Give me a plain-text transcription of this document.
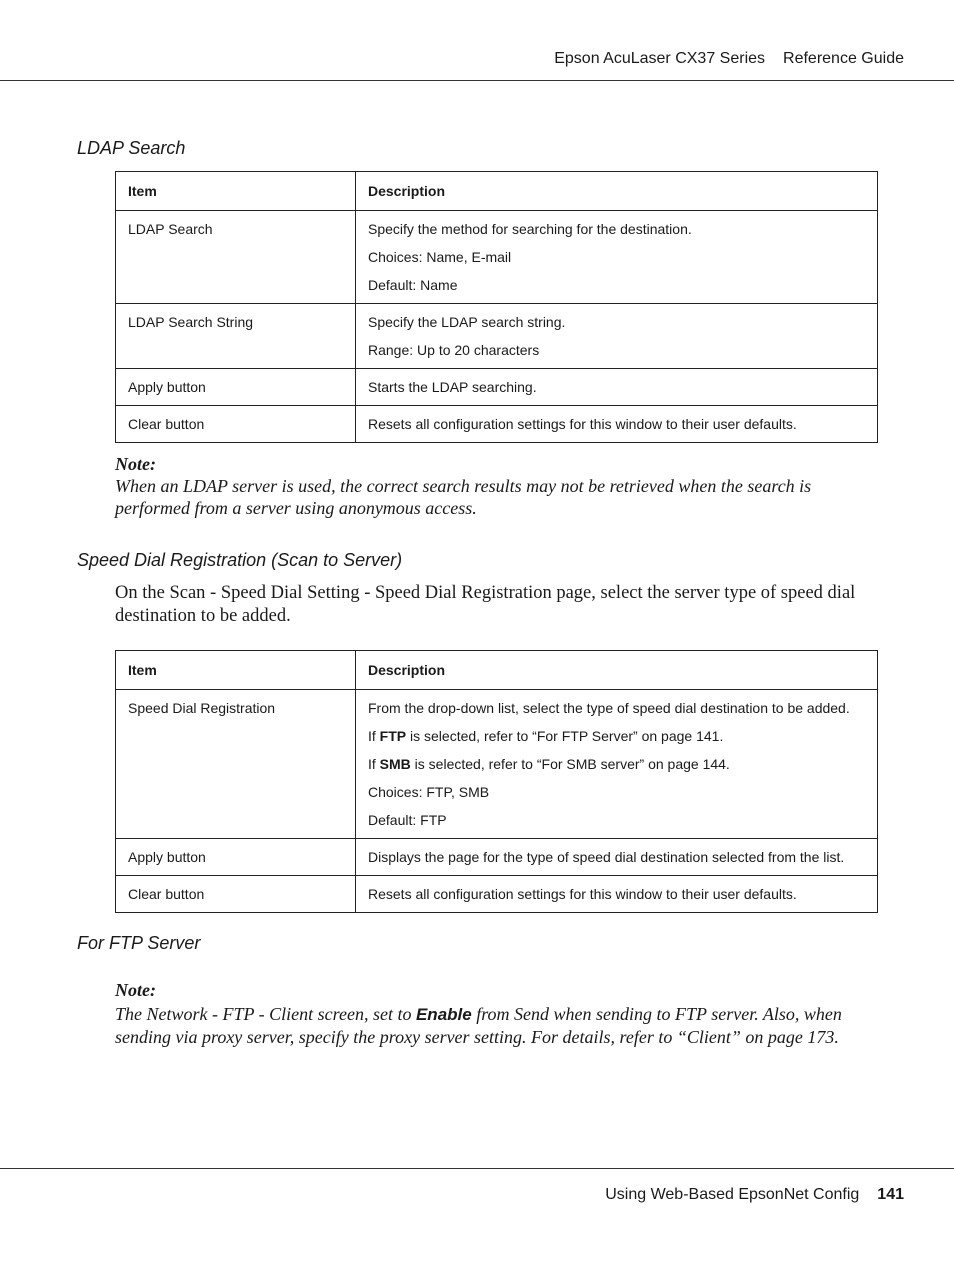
Epson AcuLaser CX37 Series Reference Guide
LDAP Search
Item	Description

LDAP Search	Specify the method for searching for the destination.
Choices: Name, E-mail
Default: Name

LDAP Search String	Specify the LDAP search string.
Range: Up to 20 characters

Apply button	Starts the LDAP searching.

Clear button	Resets all configuration settings for this window to their user defaults.
Note:
When an LDAP server is used, the correct search results may not be retrieved when the search is performed from a server using anonymous access.
Speed Dial Registration (Scan to Server)
On the Scan - Speed Dial Setting - Speed Dial Registration page, select the server type of speed dial destination to be added.
Item	Description

Speed Dial Registration	From the drop-down list, select the type of speed dial destination to be added.
If FTP is selected, refer to “For FTP Server” on page 141.
If SMB is selected, refer to “For SMB server” on page 144.
Choices: FTP, SMB
Default: FTP

Apply button	Displays the page for the type of speed dial destination selected from the list.

Clear button	Resets all configuration settings for this window to their user defaults.
For FTP Server
Note:
The Network - FTP - Client screen, set to Enable from Send when sending to FTP server. Also, when sending via proxy server, specify the proxy server setting. For details, refer to “Client” on page 173.
Using Web-Based EpsonNet Config 141
